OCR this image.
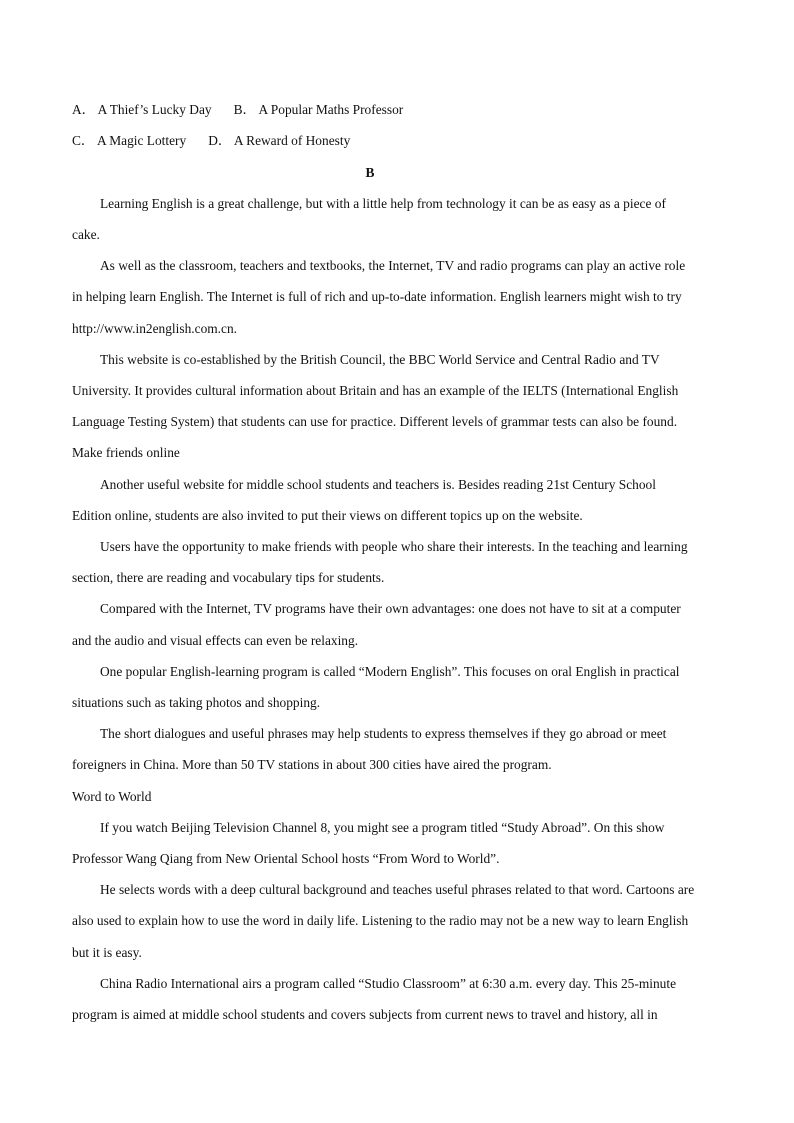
A． A Thief’s Lucky Day B． A Popular Maths Professor
C． A Magic Lottery D． A Reward of Honesty
B
Learning English is a great challenge, but with a little help from technology it can be as easy as a piece of
cake.
As well as the classroom, teachers and textbooks, the Internet, TV and radio programs can play an active role
in helping learn English. The Internet is full of rich and up-to-date information. English learners might wish to try
http://www.in2english.com.cn.
This website is co-established by the British Council, the BBC World Service and Central Radio and TV
University. It provides cultural information about Britain and has an example of the IELTS (International English
Language Testing System) that students can use for practice. Different levels of grammar tests can also be found.
Make friends online
Another useful website for middle school students and teachers is. Besides reading 21st Century School
Edition online, students are also invited to put their views on different topics up on the website.
Users have the opportunity to make friends with people who share their interests. In the teaching and learning
section, there are reading and vocabulary tips for students.
Compared with the Internet, TV programs have their own advantages: one does not have to sit at a computer
and the audio and visual effects can even be relaxing.
One popular English-learning program is called “Modern English”. This focuses on oral English in practical
situations such as taking photos and shopping.
The short dialogues and useful phrases may help students to express themselves if they go abroad or meet
foreigners in China. More than 50 TV stations in about 300 cities have aired the program.
Word to World
If you watch Beijing Television Channel 8, you might see a program titled “Study Abroad”. On this show
Professor Wang Qiang from New Oriental School hosts “From Word to World”.
He selects words with a deep cultural background and teaches useful phrases related to that word. Cartoons are
also used to explain how to use the word in daily life. Listening to the radio may not be a new way to learn English
but it is easy.
China Radio International airs a program called “Studio Classroom” at 6:30 a.m. every day. This 25-minute
program is aimed at middle school students and covers subjects from current news to travel and history, all in
